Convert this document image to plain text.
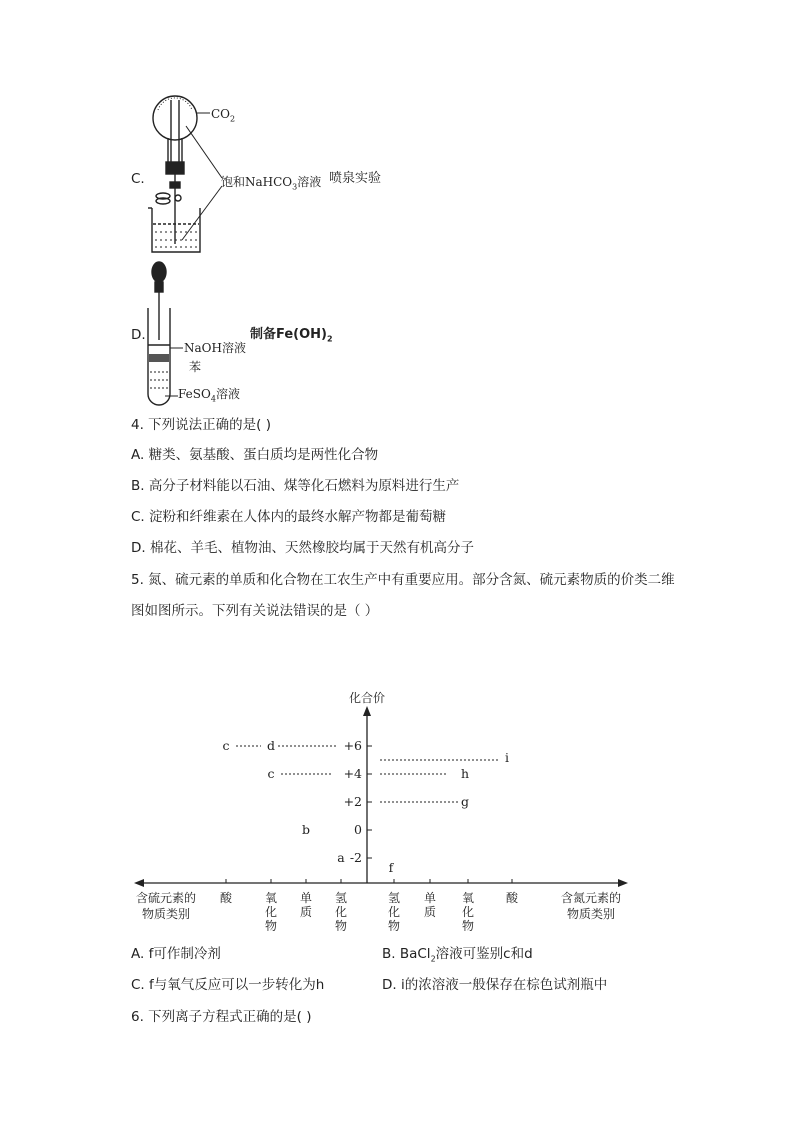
C.
$CO_2$
饱和NaHCO$_3$溶液 喷泉实验
D.
NaOH溶液
苯
FeSO$_4$溶液
制备$Fe(OH)_2$
4. 下列说法正确的是( )
A. 糖类、氨基酸、蛋白质均是两性化合物
B. 高分子材料能以石油、煤等化石燃料为原料进行生产
C. 淀粉和纤维素在人体内的最终水解产物都是葡萄糖
D. 棉花、羊毛、植物油、天然橡胶均属于天然有机高分子
5. 氮、硫元素的单质和化合物在工农生产中有重要应用。部分含氮、硫元素物质的价类二维
图如图所示。下列有关说法错误的是（ ）
+6
+4
+2
0
-2
c	d
c
b
a
f
g
h
i
化合价
酸	氧
化
物
单
质
氢
化
物
氢
化
物
单
质
氧
化
物
酸
含硫元素的
物质类别
含氮元素的
物质类别
A. f可作制冷剂	B. BaCl$_2$溶液可鉴别c和d
C. f与氧气反应可以一步转化为h	D. i的浓溶液一般保存在棕色试剂瓶中
6. 下列离子方程式正确的是( )
